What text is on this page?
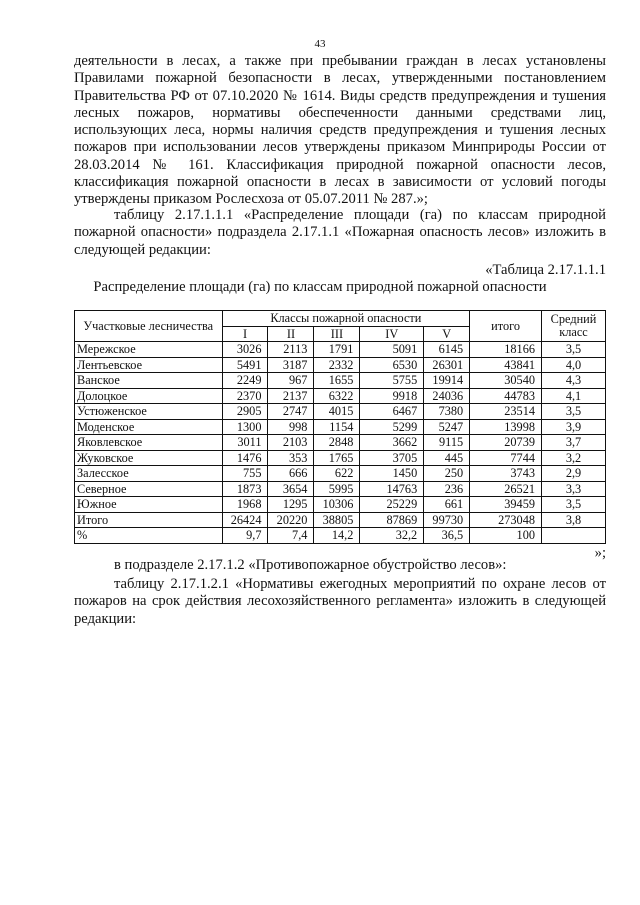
43
деятельности в лесах, а также при пребывании граждан в лесах установлены Правилами пожарной безопасности в лесах, утвержденными постановлением Правительства РФ от 07.10.2020 № 1614. Виды средств предупреждения и тушения лесных пожаров, нормативы обеспеченности данными средствами лиц, использующих леса, нормы наличия средств предупреждения и тушения лесных пожаров при использовании лесов утверждены приказом Минприроды России от 28.03.2014 № 161. Классификация природной пожарной опасности лесов, классификация пожарной опасности в лесах в зависимости от условий погоды утверждены приказом Рослесхоза от 05.07.2011 № 287.»;
таблицу 2.17.1.1.1 «Распределение площади (га) по классам природной пожарной опасности» подраздела 2.17.1.1 «Пожарная опасность лесов» изложить в следующей редакции:
«Таблица 2.17.1.1.1
Распределение площади (га) по классам природной пожарной опасности
Участковые лесничества	Классы пожарной опасности					итого	Средний класс
	I	II	III	IV	V		
Мережское	3026	2113	1791	5091	6145	18166	3,5
Лентьевское	5491	3187	2332	6530	26301	43841	4,0
Ванское	2249	967	1655	5755	19914	30540	4,3
Долоцкое	2370	2137	6322	9918	24036	44783	4,1
Устюженское	2905	2747	4015	6467	7380	23514	3,5
Моденское	1300	998	1154	5299	5247	13998	3,9
Яковлевское	3011	2103	2848	3662	9115	20739	3,7
Жуковское	1476	353	1765	3705	445	7744	3,2
Залесское	755	666	622	1450	250	3743	2,9
Северное	1873	3654	5995	14763	236	26521	3,3
Южное	1968	1295	10306	25229	661	39459	3,5
Итого	26424	20220	38805	87869	99730	273048	3,8
%	9,7	7,4	14,2	32,2	36,5	100	
»;
в подразделе 2.17.1.2 «Противопожарное обустройство лесов»:
таблицу 2.17.1.2.1 «Нормативы ежегодных мероприятий по охране лесов от пожаров на срок действия лесохозяйственного регламента» изложить в следующей редакции:
